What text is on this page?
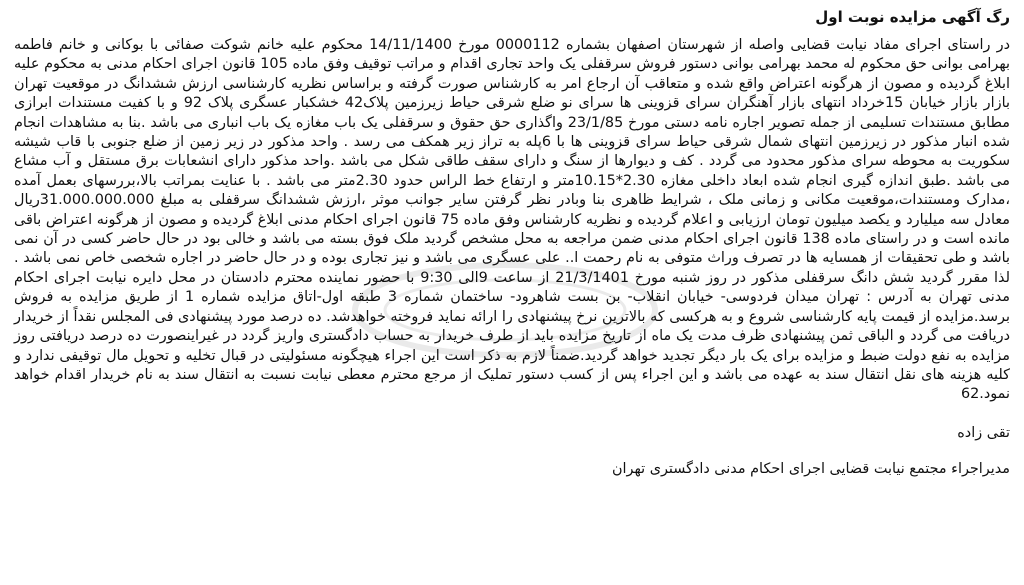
رگ آگهی مزایده نوبت اول

در راستای اجرای مفاد نیابت قضایی واصله از شهرستان اصفهان بشماره 0000112 مورخ 14/11/1400 محکوم علیه خانم شوکت صفائی با بوکانی و خانم فاطمه بهرامی بوانی حق محکوم له محمد بهرامی بوانی دستور فروش سرقفلی یک واحد تجاری اقدام و مراتب توقیف وفق ماده 105 قانون اجرای احکام مدنی به محکوم علیه ابلاغ گردیده و مصون از هرگونه اعتراض واقع شده و متعاقب آن ارجاع امر به کارشناس صورت گرفته و براساس نظریه کارشناسی ارزش ششدانگ در موقعیت تهران بازار بازار خیابان 15خرداد انتهای بازار آهنگران سرای قزوینی ها سرای نو ضلع شرقی حیاط زیرزمین پلاک42 خشکبار عسگری پلاک 92 و با کفیت مستندات ابرازی مطابق مستندات تسلیمی از جمله تصویر اجاره نامه دستی مورخ 23/1/85 واگذاری حق حقوق و سرقفلی یک باب مغازه یک باب انباری می باشد .بنا به مشاهدات انجام شده انبار مذکور در زیرزمین انتهای شمال شرقی حیاط سرای قزوینی ها با 6پله به تراز زیر همکف می رسد . واحد مذکور در زیر زمین از ضلع جنوبی با قاب شیشه سکوریت به محوطه سرای مذکور محدود می گردد . کف و دیوارها از سنگ و دارای سقف طاقی شکل می باشد .واحد مذکور دارای انشعابات برق مستقل و آب مشاع می باشد .طبق اندازه گیری انجام شده ابعاد داخلی مغازه 2.30*10.15متر و ارتفاع خط الراس حدود 2.30متر می باشد . با عنایت بمراتب بالا،بررسهای بعمل آمده ،مدارک ومستندات،موقعیت مکانی و زمانی ملک ، شرایط ظاهری بنا وبادر نظر گرفتن سایر جوانب موثر ،ارزش ششدانگ سرقفلی به مبلغ 31.000.000.000ریال معادل سه میلیارد و یکصد میلیون تومان ارزیابی و اعلام گردیده و نظریه کارشناس وفق ماده 75 قانون اجرای احکام مدنی ابلاغ گردیده و مصون از هرگونه اعتراض باقی مانده است و در راستای ماده 138 قانون اجرای احکام مدنی ضمن مراجعه به محل مشخص گردید ملک فوق بسته می باشد و خالی بود در حال حاضر کسی در آن نمی باشد و طی تحقیقات از همسایه ها در تصرف وراث متوفی به نام رحمت ا.. علی عسگری می باشد و نیز تجاری بوده و در حال حاضر در اجاره شخصی خاص نمی باشد . لذا مقرر گردید شش دانگ سرقفلی مذکور در روز شنبه مورخ 21/3/1401 از ساعت 9الی 9:30 با حضور نماینده محترم دادستان در محل دایره نیابت اجرای احکام مدنی تهران به آدرس : تهران میدان فردوسی- خیابان انقلاب- بن بست شاهرود- ساختمان شماره 3 طبقه اول-اتاق مزایده شماره 1 از طریق مزایده به فروش برسد.مزایده از قیمت پایه کارشناسی شروع و به هرکسی که بالاترین نرخ پیشنهادی را ارائه نماید فروخته خواهدشد. ده درصد مورد پیشنهادی فی المجلس نقداً از خریدار دریافت می گردد و الباقی ثمن پیشنهادی ظرف مدت یک ماه از تاریخ مزایده باید از طرف خریدار به حساب دادگستری واریز گردد در غیراینصورت ده درصد دریافتی روز مزایده به نفع دولت ضبط و مزایده برای یک بار دیگر تجدید خواهد گردید.ضمناً لازم به ذکر است این اجراء هیچگونه مسئولیتی در قبال تخلیه و تحویل مال توقیفی ندارد و کلیه هزینه های نقل انتقال سند به عهده می باشد و این اجراء پس از کسب دستور تملیک از مرجع محترم معطی نیابت نسبت به انتقال سند به نام خریدار اقدام خواهد نمود.62

تقی زاده
مدیراجراء مجتمع نیابت قضایی اجرای احکام مدنی دادگستری تهران
